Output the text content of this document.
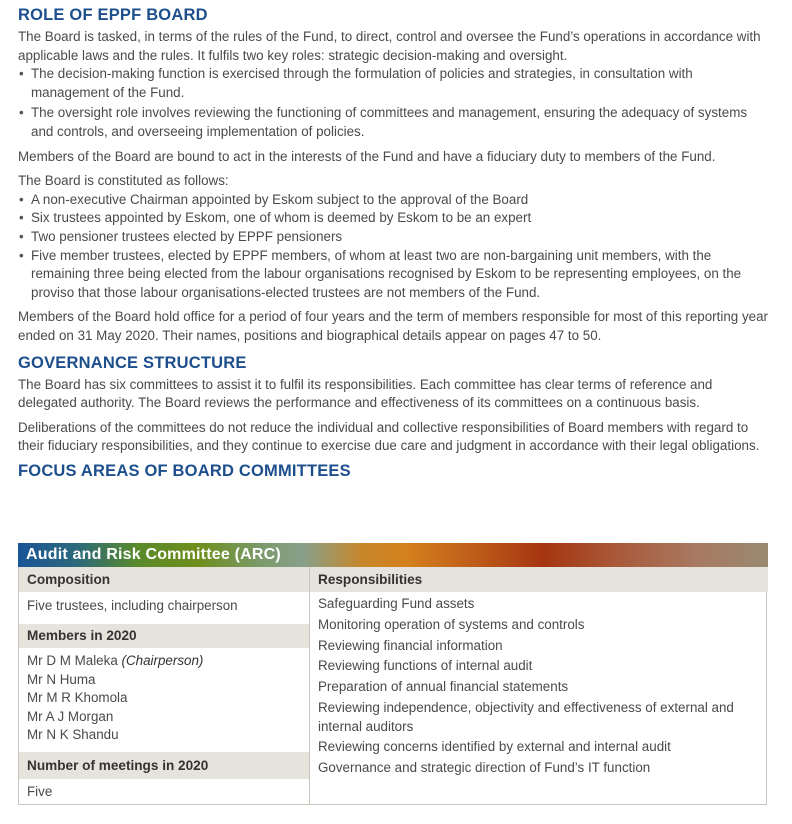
ROLE OF EPPF BOARD

The Board is tasked, in terms of the rules of the Fund, to direct, control and oversee the Fund’s operations in accordance with applicable laws and the rules. It fulfils two key roles: strategic decision-making and oversight.

• The decision-making function is exercised through the formulation of policies and strategies, in consultation with management of the Fund.
• The oversight role involves reviewing the functioning of committees and management, ensuring the adequacy of systems and controls, and overseeing implementation of policies.

Members of the Board are bound to act in the interests of the Fund and have a fiduciary duty to members of the Fund.

The Board is constituted as follows:

• A non-executive Chairman appointed by Eskom subject to the approval of the Board
• Six trustees appointed by Eskom, one of whom is deemed by Eskom to be an expert
• Two pensioner trustees elected by EPPF pensioners
• Five member trustees, elected by EPPF members, of whom at least two are non-bargaining unit members, with the remaining three being elected from the labour organisations recognised by Eskom to be representing employees, on the proviso that those labour organisations-elected trustees are not members of the Fund.

Members of the Board hold office for a period of four years and the term of members responsible for most of this reporting year ended on 31 May 2020. Their names, positions and biographical details appear on pages 47 to 50.

GOVERNANCE STRUCTURE

The Board has six committees to assist it to fulfil its responsibilities. Each committee has clear terms of reference and delegated authority. The Board reviews the performance and effectiveness of its committees on a continuous basis.

Deliberations of the committees do not reduce the individual and collective responsibilities of Board members with regard to their fiduciary responsibilities, and they continue to exercise due care and judgment in accordance with their legal obligations.

FOCUS AREAS OF BOARD COMMITTEES
Audit and Risk Committee (ARC)
Composition
Five trustees, including chairperson
Members in 2020
Mr D M Maleka (Chairperson)
Mr N Huma
Mr M R Khomola
Mr A J Morgan
Mr N K Shandu
Number of meetings in 2020
Five
Responsibilities
Safeguarding Fund assets
Monitoring operation of systems and controls
Reviewing financial information
Reviewing functions of internal audit
Preparation of annual financial statements
Reviewing independence, objectivity and effectiveness of external and internal auditors
Reviewing concerns identified by external and internal audit
Governance and strategic direction of Fund’s IT function
